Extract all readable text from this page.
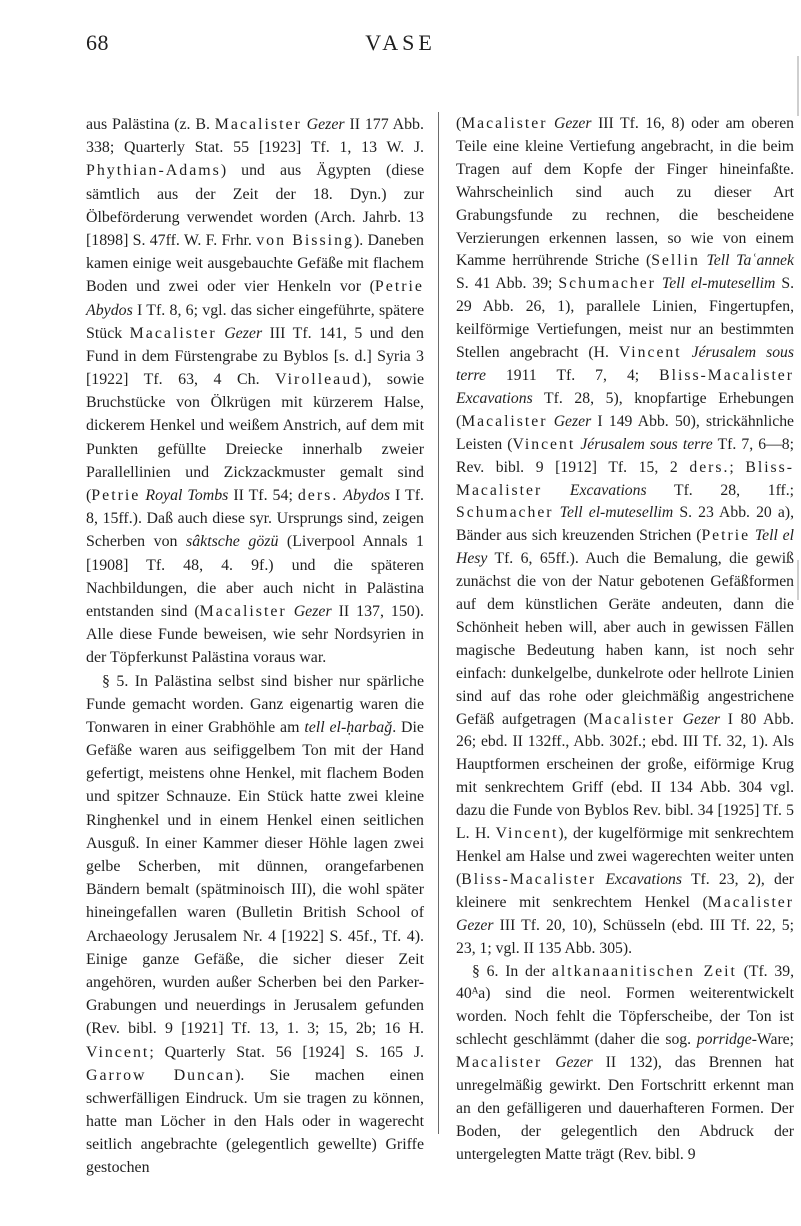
68	VASE

aus Palästina (z. B. Macalister Gezer II 177 Abb. 338; Quarterly Stat. 55 [1923] Tf. 1, 13 W. J. Phythian-Adams) und aus Ägypten (diese sämtlich aus der Zeit der 18. Dyn.) zur Ölbeförderung verwendet worden (Arch. Jahrb. 13 [1898] S. 47ff. W. F. Frhr. von Bissing). Daneben kamen einige weit ausgebauchte Gefäße mit flachem Boden und zwei oder vier Henkeln vor (Petrie Abydos I Tf. 8, 6; vgl. das sicher eingeführte, spätere Stück Macalister Gezer III Tf. 141, 5 und den Fund in dem Fürstengrabe zu Byblos [s. d.] Syria 3 [1922] Tf. 63, 4 Ch. Virolleaud), sowie Bruchstücke von Ölkrügen mit kürzerem Halse, dickerem Henkel und weißem Anstrich, auf dem mit Punkten gefüllte Dreiecke innerhalb zweier Parallellinien und Zickzackmuster gemalt sind (Petrie Royal Tombs II Tf. 54; ders. Abydos I Tf. 8, 15ff.). Daß auch diese syr. Ursprungs sind, zeigen Scherben von sâktsche gözü (Liverpool Annals 1 [1908] Tf. 48, 4. 9f.) und die späteren Nachbildungen, die aber auch nicht in Palästina entstanden sind (Macalister Gezer II 137, 150). Alle diese Funde beweisen, wie sehr Nordsyrien in der Töpferkunst Palästina voraus war.

§ 5. In Palästina selbst sind bisher nur spärliche Funde gemacht worden. Ganz eigenartig waren die Tonwaren in einer Grabhöhle am tell el-ḥarbağ. Die Gefäße waren aus seifiggelbem Ton mit der Hand gefertigt, meistens ohne Henkel, mit flachem Boden und spitzer Schnauze. Ein Stück hatte zwei kleine Ringhenkel und in einem Henkel einen seitlichen Ausguß. In einer Kammer dieser Höhle lagen zwei gelbe Scherben, mit dünnen, orangefarbenen Bändern bemalt (spätminoisch III), die wohl später hineingefallen waren (Bulletin British School of Archaeology Jerusalem Nr. 4 [1922] S. 45f., Tf. 4). Einige ganze Gefäße, die sicher dieser Zeit angehören, wurden außer Scherben bei den Parker-Grabungen und neuerdings in Jerusalem gefunden (Rev. bibl. 9 [1921] Tf. 13, 1. 3; 15, 2b; 16 H. Vincent; Quarterly Stat. 56 [1924] S. 165 J. Garrow Duncan). Sie machen einen schwerfälligen Eindruck. Um sie tragen zu können, hatte man Löcher in den Hals oder in wagerecht seitlich angebrachte (gelegentlich gewellte) Griffe gestochen

(Macalister Gezer III Tf. 16, 8) oder am oberen Teile eine kleine Vertiefung angebracht, in die beim Tragen auf dem Kopfe der Finger hineinfaßte. Wahrscheinlich sind auch zu dieser Art Grabungsfunde zu rechnen, die bescheidene Verzierungen erkennen lassen, so wie von einem Kamme herrührende Striche (Sellin Tell Taʿannek S. 41 Abb. 39; Schumacher Tell el-mutesellim S. 29 Abb. 26, 1), parallele Linien, Fingertupfen, keilförmige Vertiefungen, meist nur an bestimmten Stellen angebracht (H. Vincent Jérusalem sous terre 1911 Tf. 7, 4; Bliss-Macalister Excavations Tf. 28, 5), knopfartige Erhebungen (Macalister Gezer I 149 Abb. 50), strickähnliche Leisten (Vincent Jérusalem sous terre Tf. 7, 6—8; Rev. bibl. 9 [1912] Tf. 15, 2 ders.; Bliss-Macalister Excavations Tf. 28, 1ff.; Schumacher Tell el-mutesellim S. 23 Abb. 20 a), Bänder aus sich kreuzenden Strichen (Petrie Tell el Hesy Tf. 6, 65ff.). Auch die Bemalung, die gewiß zunächst die von der Natur gebotenen Gefäßformen auf dem künstlichen Geräte andeuten, dann die Schönheit heben will, aber auch in gewissen Fällen magische Bedeutung haben kann, ist noch sehr einfach: dunkelgelbe, dunkelrote oder hellrote Linien sind auf das rohe oder gleichmäßig angestrichene Gefäß aufgetragen (Macalister Gezer I 80 Abb. 26; ebd. II 132ff., Abb. 302f.; ebd. III Tf. 32, 1). Als Hauptformen erscheinen der große, eiförmige Krug mit senkrechtem Griff (ebd. II 134 Abb. 304 vgl. dazu die Funde von Byblos Rev. bibl. 34 [1925] Tf. 5 L. H. Vincent), der kugelförmige mit senkrechtem Henkel am Halse und zwei wagerechten weiter unten (Bliss-Macalister Excavations Tf. 23, 2), der kleinere mit senkrechtem Henkel (Macalister Gezer III Tf. 20, 10), Schüsseln (ebd. III Tf. 22, 5; 23, 1; vgl. II 135 Abb. 305).

§ 6. In der altkanaanitischen Zeit (Tf. 39, 40ᴬa) sind die neol. Formen weiterentwickelt worden. Noch fehlt die Töpferscheibe, der Ton ist schlecht geschlämmt (daher die sog. porridge-Ware; Macalister Gezer II 132), das Brennen hat unregelmäßig gewirkt. Den Fortschritt erkennt man an den gefälligeren und dauerhafteren Formen. Der Boden, der gelegentlich den Abdruck der untergelegten Matte trägt (Rev. bibl. 9
